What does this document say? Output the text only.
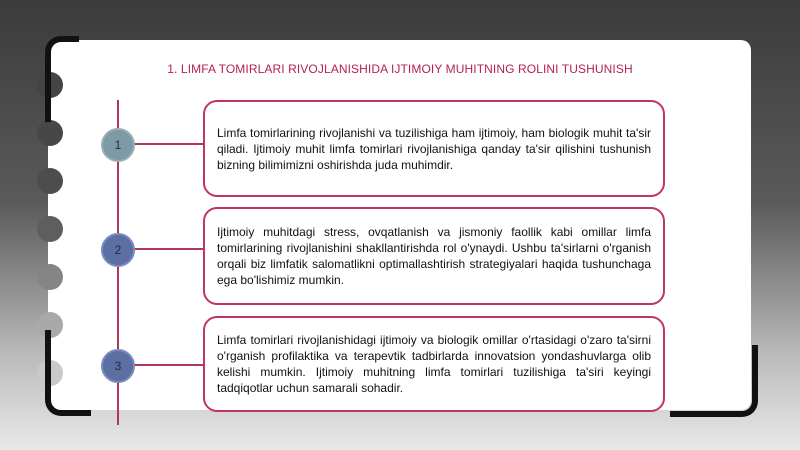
1. LIMFA TOMIRLARI RIVOJLANISHIDA IJTIMOIY MUHITNING ROLINI TUSHUNISH
1
2
3
Limfa tomirlarining rivojlanishi va tuzilishiga ham ijtimoiy, ham biologik muhit ta'sir qiladi. Ijtimoiy muhit limfa tomirlari rivojlanishiga qanday ta'sir qilishini tushunish bizning bilimimizni oshirishda juda muhimdir.
Ijtimoiy muhitdagi stress, ovqatlanish va jismoniy faollik kabi omillar limfa tomirlarining rivojlanishini shakllantirishda rol o'ynaydi. Ushbu ta'sirlarni o'rganish orqali biz limfatik salomatlikni optimallashtirish strategiyalari haqida tushunchaga ega bo'lishimiz mumkin.
Limfa tomirlari rivojlanishidagi ijtimoiy va biologik omillar o'rtasidagi o'zaro ta'sirni o'rganish profilaktika va terapevtik tadbirlarda innovatsion yondashuvlarga olib kelishi mumkin. Ijtimoiy muhitning limfa tomirlari tuzilishiga ta'siri keyingi tadqiqotlar uchun samarali sohadir.
